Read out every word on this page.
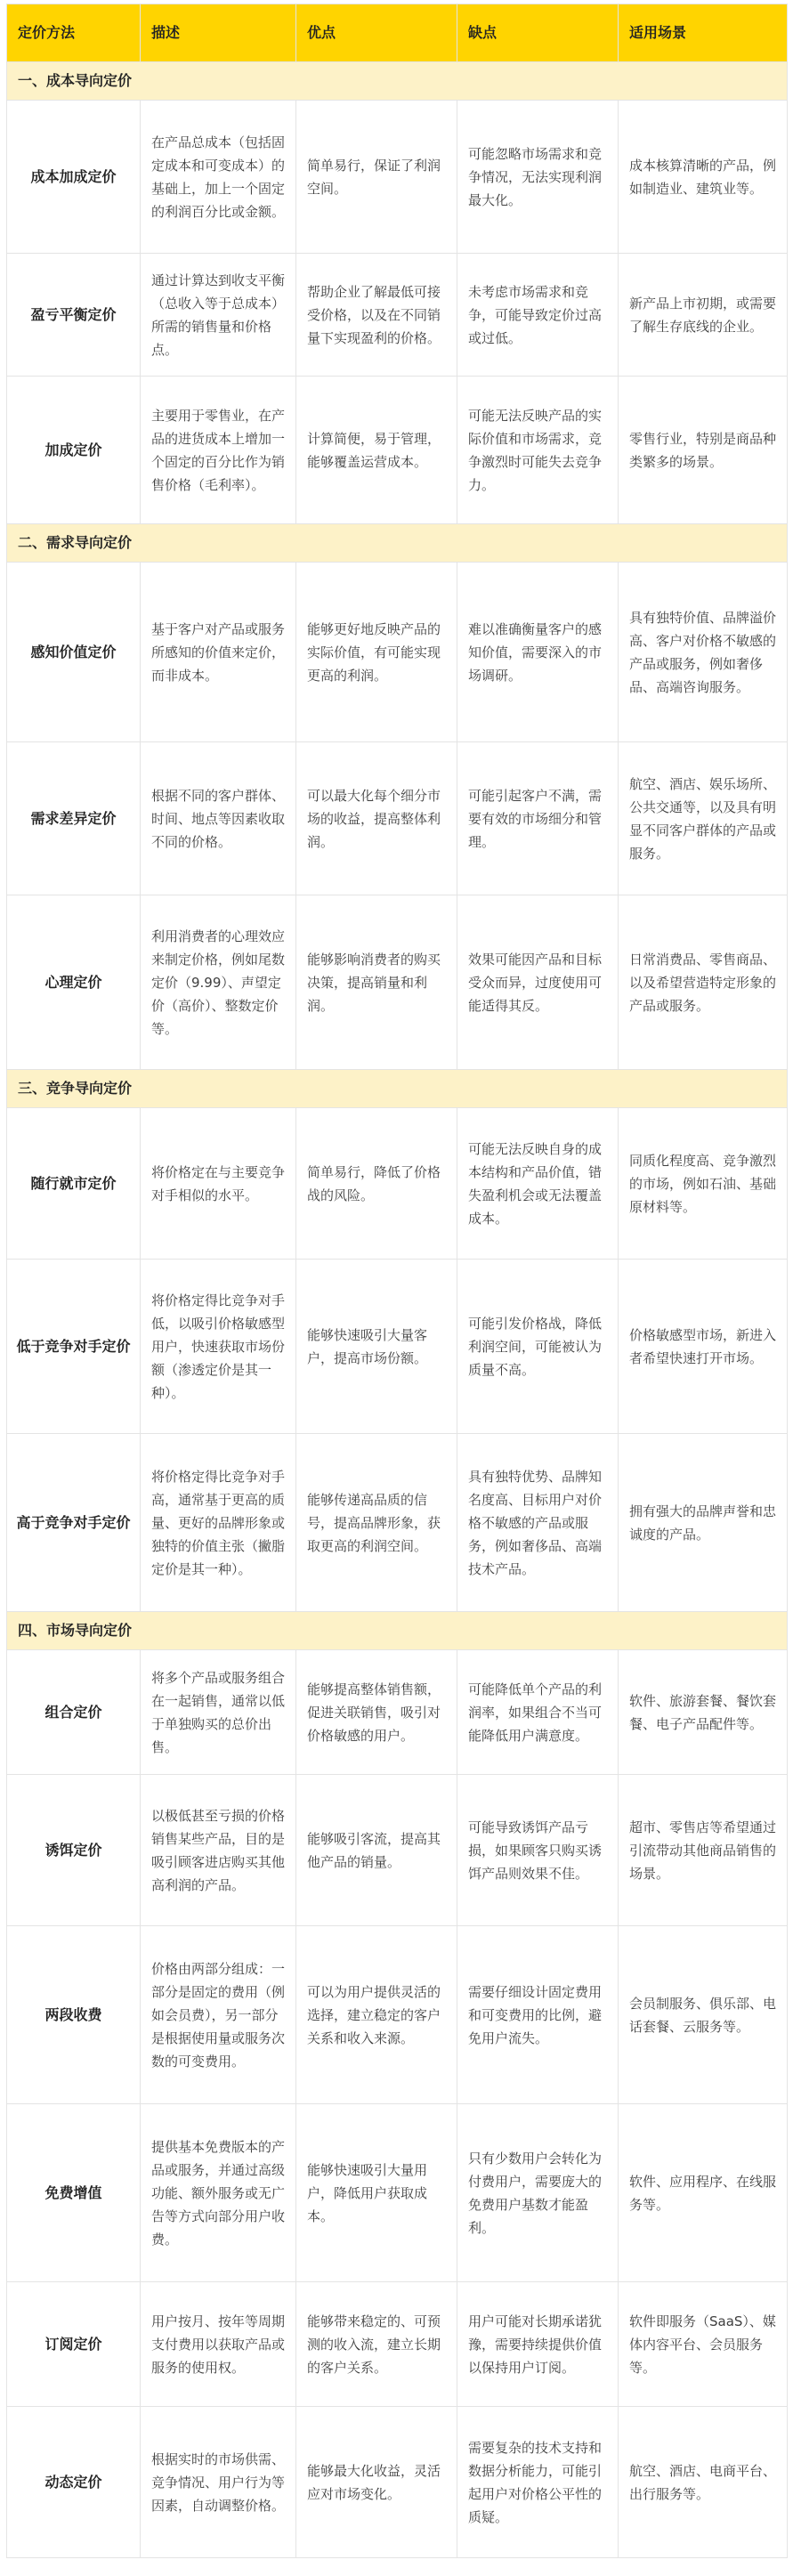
定价方法	描述	优点	缺点	适用场景
一、成本导向定价				
成本加成定价	在产品总成本（包括固定成本和可变成本）的基础上，加上一个固定的利润百分比或金额。	简单易行，保证了利润空间。	可能忽略市场需求和竞争情况，无法实现利润最大化。	成本核算清晰的产品，例如制造业、建筑业等。
盈亏平衡定价	通过计算达到收支平衡（总收入等于总成本）所需的销售量和价格点。	帮助企业了解最低可接受价格，以及在不同销量下实现盈利的价格。	未考虑市场需求和竞争，可能导致定价过高或过低。	新产品上市初期，或需要了解生存底线的企业。
加成定价	主要用于零售业，在产品的进货成本上增加一个固定的百分比作为销售价格（毛利率）。	计算简便，易于管理，能够覆盖运营成本。	可能无法反映产品的实际价值和市场需求，竞争激烈时可能失去竞争力。	零售行业，特别是商品种类繁多的场景。
二、需求导向定价				
感知价值定价	基于客户对产品或服务所感知的价值来定价，而非成本。	能够更好地反映产品的实际价值，有可能实现更高的利润。	难以准确衡量客户的感知价值，需要深入的市场调研。	具有独特价值、品牌溢价高、客户对价格不敏感的产品或服务，例如奢侈品、高端咨询服务。
需求差异定价	根据不同的客户群体、时间、地点等因素收取不同的价格。	可以最大化每个细分市场的收益，提高整体利润。	可能引起客户不满，需要有效的市场细分和管理。	航空、酒店、娱乐场所、公共交通等，以及具有明显不同客户群体的产品或服务。
心理定价	利用消费者的心理效应来制定价格，例如尾数定价（9.99）、声望定价（高价）、整数定价等。	能够影响消费者的购买决策，提高销量和利润。	效果可能因产品和目标受众而异，过度使用可能适得其反。	日常消费品、零售商品、以及希望营造特定形象的产品或服务。
三、竞争导向定价				
随行就市定价	将价格定在与主要竞争对手相似的水平。	简单易行，降低了价格战的风险。	可能无法反映自身的成本结构和产品价值，错失盈利机会或无法覆盖成本。	同质化程度高、竞争激烈的市场，例如石油、基础原材料等。
低于竞争对手定价	将价格定得比竞争对手低，以吸引价格敏感型用户，快速获取市场份额（渗透定价是其一种）。	能够快速吸引大量客户，提高市场份额。	可能引发价格战，降低利润空间，可能被认为质量不高。	价格敏感型市场，新进入者希望快速打开市场。
高于竞争对手定价	将价格定得比竞争对手高，通常基于更高的质量、更好的品牌形象或独特的价值主张（撇脂定价是其一种）。	能够传递高品质的信号，提高品牌形象，获取更高的利润空间。	具有独特优势、品牌知名度高、目标用户对价格不敏感的产品或服务，例如奢侈品、高端技术产品。	拥有强大的品牌声誉和忠诚度的产品。
四、市场导向定价				
组合定价	将多个产品或服务组合在一起销售，通常以低于单独购买的总价出售。	能够提高整体销售额，促进关联销售，吸引对价格敏感的用户。	可能降低单个产品的利润率，如果组合不当可能降低用户满意度。	软件、旅游套餐、餐饮套餐、电子产品配件等。
诱饵定价	以极低甚至亏损的价格销售某些产品，目的是吸引顾客进店购买其他高利润的产品。	能够吸引客流，提高其他产品的销量。	可能导致诱饵产品亏损，如果顾客只购买诱饵产品则效果不佳。	超市、零售店等希望通过引流带动其他商品销售的场景。
两段收费	价格由两部分组成：一部分是固定的费用（例如会员费），另一部分是根据使用量或服务次数的可变费用。	可以为用户提供灵活的选择，建立稳定的客户关系和收入来源。	需要仔细设计固定费用和可变费用的比例，避免用户流失。	会员制服务、俱乐部、电话套餐、云服务等。
免费增值	提供基本免费版本的产品或服务，并通过高级功能、额外服务或无广告等方式向部分用户收费。	能够快速吸引大量用户，降低用户获取成本。	只有少数用户会转化为付费用户，需要庞大的免费用户基数才能盈利。	软件、应用程序、在线服务等。
订阅定价	用户按月、按年等周期支付费用以获取产品或服务的使用权。	能够带来稳定的、可预测的收入流，建立长期的客户关系。	用户可能对长期承诺犹豫，需要持续提供价值以保持用户订阅。	软件即服务（SaaS）、媒体内容平台、会员服务等。
动态定价	根据实时的市场供需、竞争情况、用户行为等因素，自动调整价格。	能够最大化收益，灵活应对市场变化。	需要复杂的技术支持和数据分析能力，可能引起用户对价格公平性的质疑。	航空、酒店、电商平台、出行服务等。
